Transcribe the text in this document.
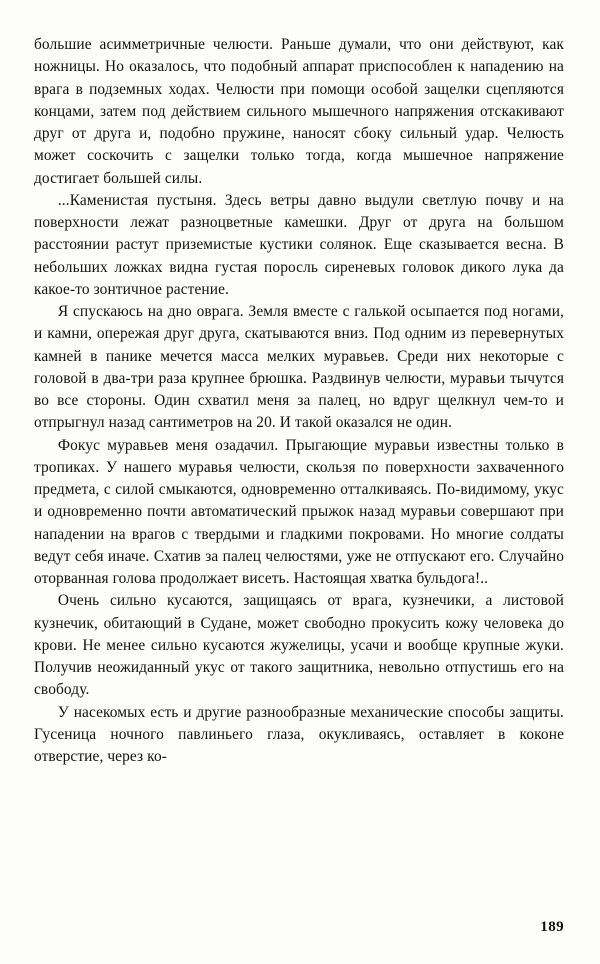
большие асимметричные челюсти. Раньше думали, что они действуют, как ножницы. Но оказалось, что подобный аппарат приспособлен к нападению на врага в подземных ходах. Челюсти при помощи особой защелки сцепляются концами, затем под действием сильного мышечного напряжения отскакивают друг от друга и, подобно пружине, наносят сбоку сильный удар. Челюсть может соскочить с защелки только тогда, когда мышечное напряжение достигает большей силы.

...Каменистая пустыня. Здесь ветры давно выдули светлую почву и на поверхности лежат разноцветные камешки. Друг от друга на большом расстоянии растут приземистые кустики солянок. Еще сказывается весна. В небольших ложках видна густая поросль сиреневых головок дикого лука да какое-то зонтичное растение.

Я спускаюсь на дно оврага. Земля вместе с галькой осыпается под ногами, и камни, опережая друг друга, скатываются вниз. Под одним из перевернутых камней в панике мечется масса мелких муравьев. Среди них некоторые с головой в два-три раза крупнее брюшка. Раздвинув челюсти, муравьи тычутся во все стороны. Один схватил меня за палец, но вдруг щелкнул чем-то и отпрыгнул назад сантиметров на 20. И такой оказался не один.

Фокус муравьев меня озадачил. Прыгающие муравьи известны только в тропиках. У нашего муравья челюсти, скользя по поверхности захваченного предмета, с силой смыкаются, одновременно отталкиваясь. По-видимому, укус и одновременно почти автоматический прыжок назад муравьи совершают при нападении на врагов с твердыми и гладкими покровами. Но многие солдаты ведут себя иначе. Схатив за палец челюстями, уже не отпускают его. Случайно оторванная голова продолжает висеть. Настоящая хватка бульдога!..

Очень сильно кусаются, защищаясь от врага, кузнечики, а листовой кузнечик, обитающий в Судане, может свободно прокусить кожу человека до крови. Не менее сильно кусаются жужелицы, усачи и вообще крупные жуки. Получив неожиданный укус от такого защитника, невольно отпустишь его на свободу.

У насекомых есть и другие разнообразные механические способы защиты. Гусеница ночного павлиньего глаза, окукливаясь, оставляет в коконе отверстие, через ко-

189
